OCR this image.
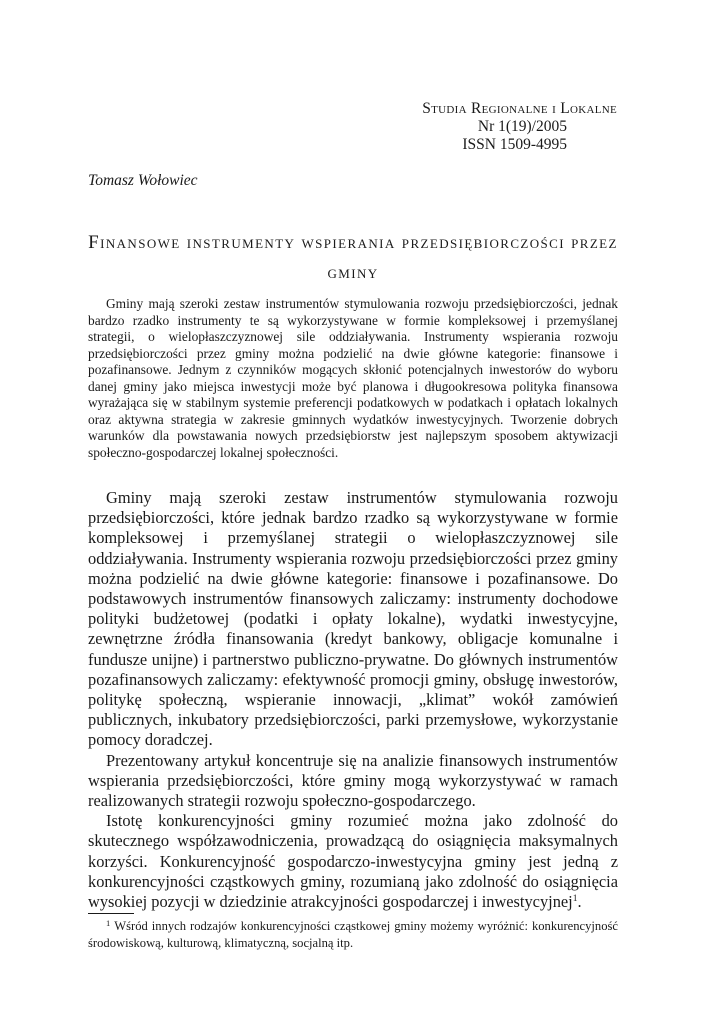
Studia Regionalne i Lokalne
Nr 1(19)/2005
ISSN 1509-4995
Tomasz Wołowiec
Finansowe instrumenty wspierania przedsiębiorczości przez gminy

Gminy mają szeroki zestaw instrumentów stymulowania rozwoju przedsiębiorczości, jednak bardzo rzadko instrumenty te są wykorzystywane w formie kompleksowej i przemyślanej strategii, o wielopłaszczyznowej sile oddziaływania. Instrumenty wspierania rozwoju przedsiębiorczości przez gminy można podzielić na dwie główne kategorie: finansowe i pozafinansowe. Jednym z czynników mogących skłonić potencjalnych inwestorów do wyboru danej gminy jako miejsca inwestycji może być planowa i długookresowa polityka finansowa wyrażająca się w stabilnym systemie preferencji podatkowych w podatkach i opłatach lokalnych oraz aktywna strategia w zakresie gminnych wydatków inwestycyjnych. Tworzenie dobrych warunków dla powstawania nowych przedsiębiorstw jest najlepszym sposobem aktywizacji społeczno-gospodarczej lokalnej społeczności.

Gminy mają szeroki zestaw instrumentów stymulowania rozwoju przedsiębiorczości, które jednak bardzo rzadko są wykorzystywane w formie kompleksowej i przemyślanej strategii o wielopłaszczyznowej sile oddziaływania. Instrumenty wspierania rozwoju przedsiębiorczości przez gminy można podzielić na dwie główne kategorie: finansowe i pozafinansowe. Do podstawowych instrumentów finansowych zaliczamy: instrumenty dochodowe polityki budżetowej (podatki i opłaty lokalne), wydatki inwestycyjne, zewnętrzne źródła finansowania (kredyt bankowy, obligacje komunalne i fundusze unijne) i partnerstwo publiczno-prywatne. Do głównych instrumentów pozafinansowych zaliczamy: efektywność promocji gminy, obsługę inwestorów, politykę społeczną, wspieranie innowacji, „klimat” wokół zamówień publicznych, inkubatory przedsiębiorczości, parki przemysłowe, wykorzystanie pomocy doradczej.

Prezentowany artykuł koncentruje się na analizie finansowych instrumentów wspierania przedsiębiorczości, które gminy mogą wykorzystywać w ramach realizowanych strategii rozwoju społeczno-gospodarczego.

Istotę konkurencyjności gminy rozumieć można jako zdolność do skutecznego współzawodniczenia, prowadzącą do osiągnięcia maksymalnych korzyści. Konkurencyjność gospodarczo-inwestycyjna gminy jest jedną z konkurencyjności cząstkowych gminy, rozumianą jako zdolność do osiągnięcia wysokiej pozycji w dziedzinie atrakcyjności gospodarczej i inwestycyjnej$^1$.

$^1$ Wśród innych rodzajów konkurencyjności cząstkowej gminy możemy wyróżnić: konkurencyjność środowiskową, kulturową, klimatyczną, socjalną itp.
